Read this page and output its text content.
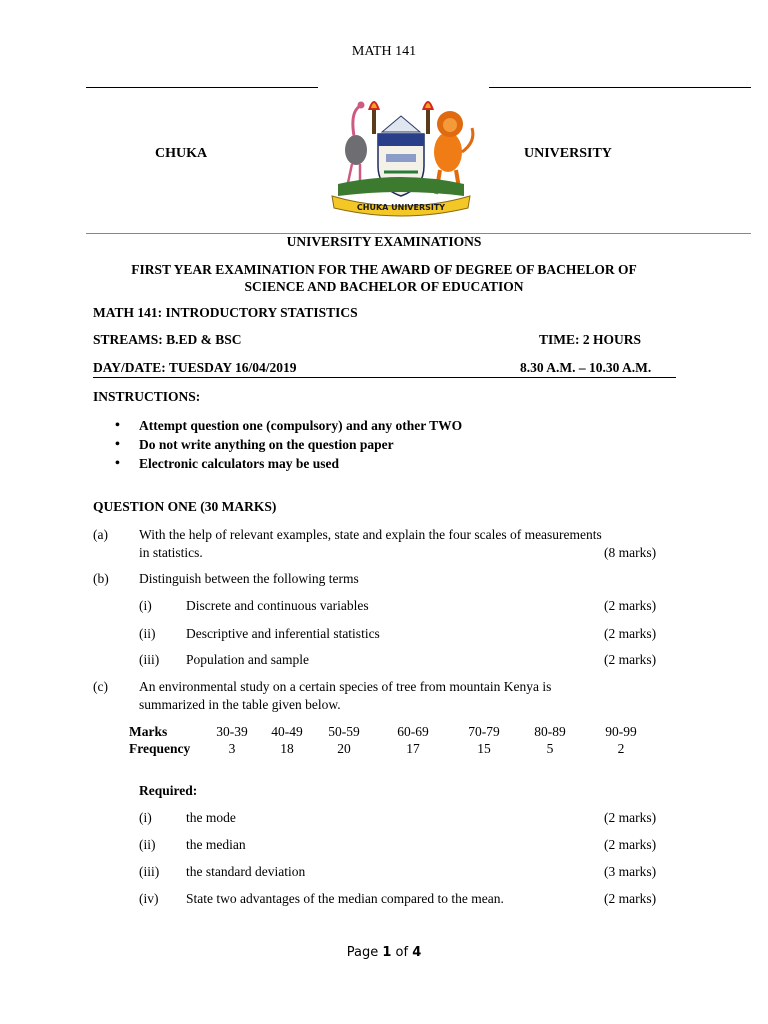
MATH 141
CHUKA	UNIVERSITY
CHUKA UNIVERSITY
UNIVERSITY EXAMINATIONS
FIRST YEAR EXAMINATION FOR THE AWARD OF DEGREE OF BACHELOR OF
SCIENCE AND BACHELOR OF EDUCATION
MATH 141: INTRODUCTORY STATISTICS
STREAMS: B.ED & BSC	TIME: 2 HOURS
DAY/DATE: TUESDAY 16/04/2019	8.30 A.M. – 10.30 A.M.
INSTRUCTIONS:
• Attempt question one (compulsory) and any other TWO
• Do not write anything on the question paper
• Electronic calculators may be used
QUESTION ONE (30 MARKS)
(a) With the help of relevant examples, state and explain the four scales of measurements
in statistics.	(8 marks)
(b) Distinguish between the following terms
(i)	Discrete and continuous variables	(2 marks)
(ii) Descriptive and inferential statistics	(2 marks)
(iii) Population and sample	(2 marks)
(c) An environmental study on a certain species of tree from mountain Kenya is
summarized in the table given below.
Marks	30-39	40-49	50-59	60-69	70-79	80-89	90-99
Frequency	3	18	20	17	15	5	2
Required:
(i)	the mode	(2 marks)
(ii) the median	(2 marks)
(iii) the standard deviation	(3 marks)
(iv) State two advantages of the median compared to the mean.	(2 marks)
Page 1 of 4
